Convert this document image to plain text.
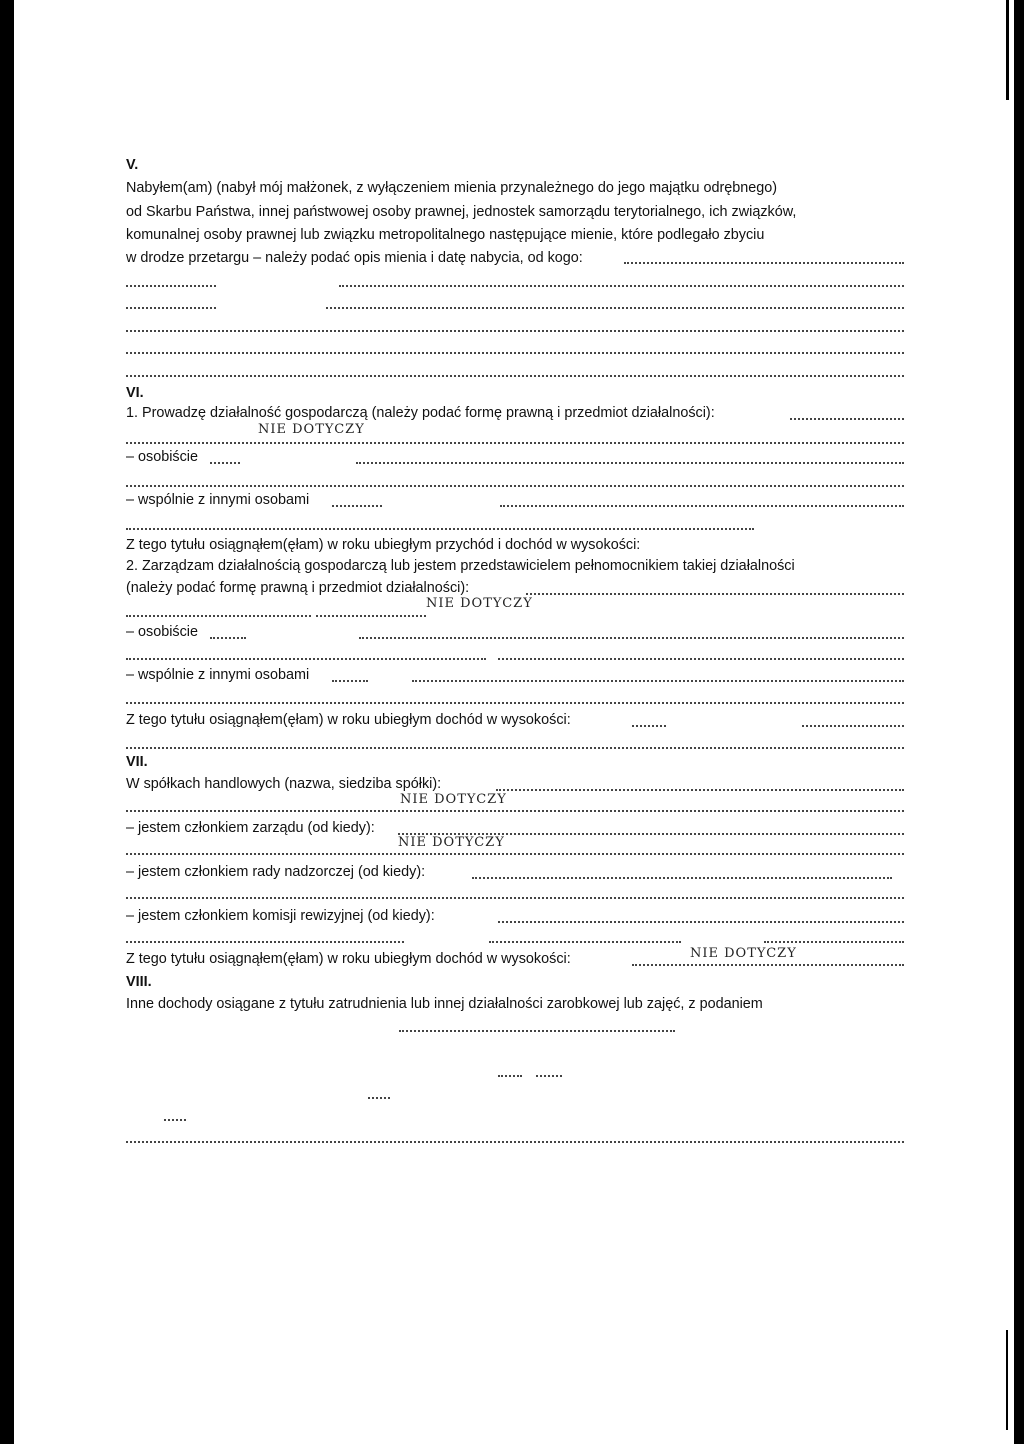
V.
Nabyłem(am) (nabył mój małżonek, z wyłączeniem mienia przynależnego do jego majątku odrębnego)
od Skarbu Państwa, innej państwowej osoby prawnej, jednostek samorządu terytorialnego, ich związków,
komunalnej osoby prawnej lub związku metropolitalnego następujące mienie, które podlegało zbyciu
w drodze przetargu – należy podać opis mienia i datę nabycia, od kogo:
VI.
1. Prowadzę działalność gospodarczą (należy podać formę prawną i przedmiot działalności):
NIE DOTYCZY
– osobiście
– wspólnie z innymi osobami
Z tego tytułu osiągnąłem(ęłam) w roku ubiegłym przychód i dochód w wysokości:
2. Zarządzam działalnością gospodarczą lub jestem przedstawicielem pełnomocnikiem takiej działalności
(należy podać formę prawną i przedmiot działalności):
NIE DOTYCZY
– osobiście
– wspólnie z innymi osobami
Z tego tytułu osiągnąłem(ęłam) w roku ubiegłym dochód w wysokości:
VII.
W spółkach handlowych (nazwa, siedziba spółki):
NIE DOTYCZY
– jestem członkiem zarządu (od kiedy):
NIE DOTYCZY
– jestem członkiem rady nadzorczej (od kiedy):
– jestem członkiem komisji rewizyjnej (od kiedy):
Z tego tytułu osiągnąłem(ęłam) w roku ubiegłym dochód w wysokości:	NIE DOTYCZY
VIII.
Inne dochody osiągane z tytułu zatrudnienia lub innej działalności zarobkowej lub zajęć, z podaniem
